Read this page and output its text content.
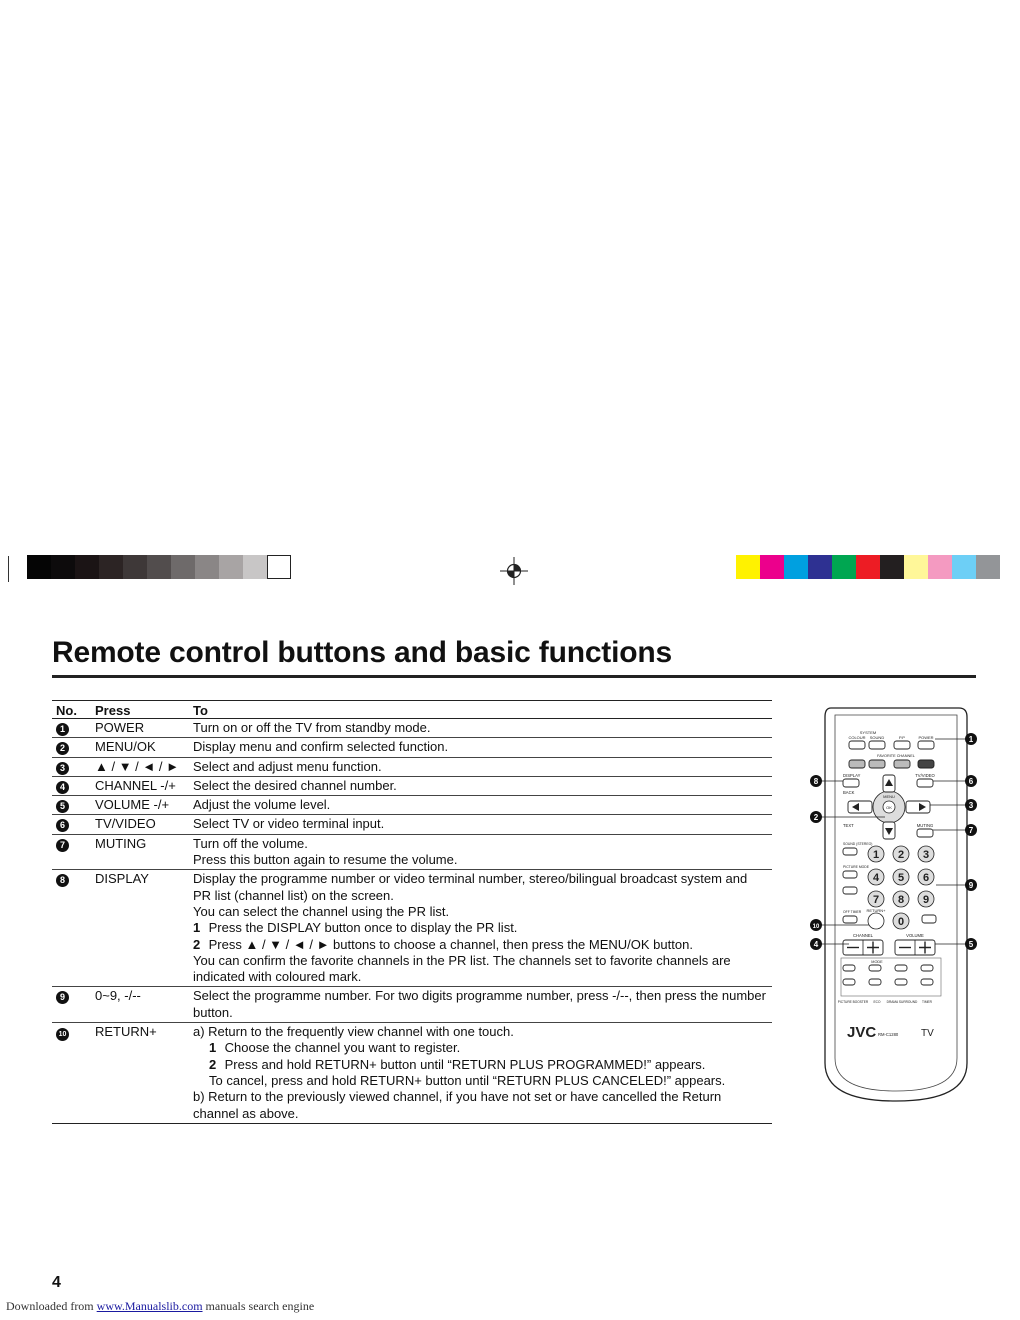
Remote control buttons and basic functions
No.	Press	To
1	POWER	Turn on or off the TV from standby mode.

2	MENU/OK	Display menu and confirm selected function.

3	▲ / ▼ / ◄ / ►	Select and adjust menu function.

4	CHANNEL -/+	Select the desired channel number.

5	VOLUME -/+	Adjust the volume level.

6	TV/VIDEO	Select TV or video terminal input.

7	MUTING	Turn off the volume.
Press this button again to resume the volume.

8	DISPLAY	Display the programme number or video terminal number, stereo/bilingual broadcast system and PR list (channel list) on the screen.
You can select the channel using the PR list.
1 Press the DISPLAY button once to display the PR list.
2 Press ▲ / ▼ / ◄ / ► buttons to choose a channel, then press the MENU/OK button.
You can confirm the favorite channels in the PR list. The channels set to favorite channels are indicated with coloured mark.

9	0~9, -/--	Select the programme number. For two digits programme number, press -/--, then press the number button.

10	RETURN+	a) Return to the frequently view channel with one touch.
1 Choose the channel you want to register.
2 Press and hold RETURN+ button until “RETURN PLUS PROGRAMMED!” appears.
To cancel, press and hold RETURN+ button until “RETURN PLUS CANCELED!” appears.
b) Return to the previously viewed channel, if you have not set or have cancelled the Return channel as above.
SYSTEM
COLOUR SOUND	P.P	POWER
FAVORITE CHANNEL
DISPLAY
BACK
TV/VIDEO
MENU
OK
TEXT	MUTING
SOUND (STEREO)
PICTURE MODE
OFF TIMER
1 2 3
4 5 6
7 8 9
0
RETURN+
CHANNEL	VOLUME
MODE
PICTURE BOOSTER ECO DRAMA SURROUND TIMER
JVC RM-C1280 TV
8
2
10
4
1
6
3
7
9
5
4
Downloaded from www.Manualslib.com manuals search engine
